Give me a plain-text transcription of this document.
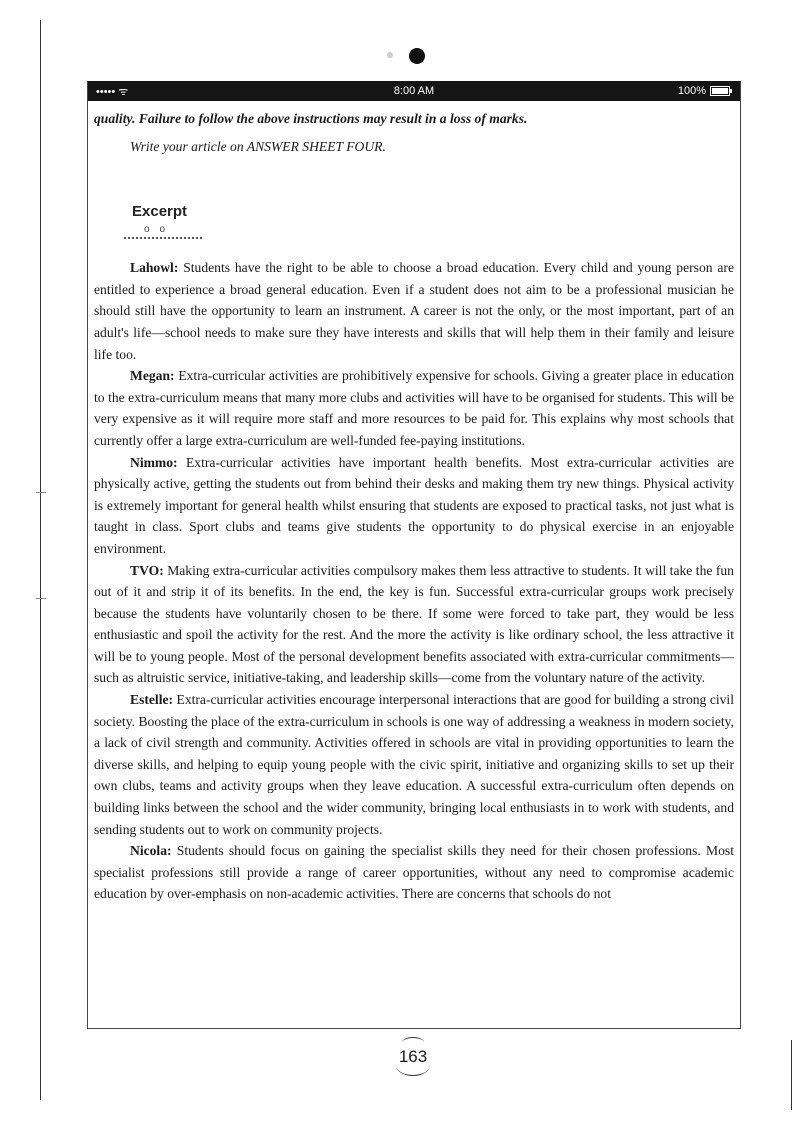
••••• ᯤ	8:00 AM	100%

quality. Failure to follow the above instructions may result in a loss of marks.

Write your article on ANSWER SHEET FOUR.

Excerpt
oo

Lahowl: Students have the right to be able to choose a broad education. Every child and young person are entitled to experience a broad general education. Even if a student does not aim to be a professional musician he should still have the opportunity to learn an instrument. A career is not the only, or the most important, part of an adult's life—school needs to make sure they have interests and skills that will help them in their family and leisure life too.

Megan: Extra-curricular activities are prohibitively expensive for schools. Giving a greater place in education to the extra-curriculum means that many more clubs and activities will have to be organised for students. This will be very expensive as it will require more staff and more resources to be paid for. This explains why most schools that currently offer a large extra-curriculum are well-funded fee-paying institutions.

Nimmo: Extra-curricular activities have important health benefits. Most extra-curricular activities are physically active, getting the students out from behind their desks and making them try new things. Physical activity is extremely important for general health whilst ensuring that students are exposed to practical tasks, not just what is taught in class. Sport clubs and teams give students the opportunity to do physical exercise in an enjoyable environment.

TVO: Making extra-curricular activities compulsory makes them less attractive to students. It will take the fun out of it and strip it of its benefits. In the end, the key is fun. Successful extra-curricular groups work precisely because the students have voluntarily chosen to be there. If some were forced to take part, they would be less enthusiastic and spoil the activity for the rest. And the more the activity is like ordinary school, the less attractive it will be to young people. Most of the personal development benefits associated with extra-curricular commitments—such as altruistic service, initiative-taking, and leadership skills—come from the voluntary nature of the activity.

Estelle: Extra-curricular activities encourage interpersonal interactions that are good for building a strong civil society. Boosting the place of the extra-curriculum in schools is one way of addressing a weakness in modern society, a lack of civil strength and community. Activities offered in schools are vital in providing opportunities to learn the diverse skills, and helping to equip young people with the civic spirit, initiative and organizing skills to set up their own clubs, teams and activity groups when they leave education. A successful extra-curriculum often depends on building links between the school and the wider community, bringing local enthusiasts in to work with students, and sending students out to work on community projects.

Nicola: Students should focus on gaining the specialist skills they need for their chosen professions. Most specialist professions still provide a range of career opportunities, without any need to compromise academic education by over-emphasis on non-academic activities. There are concerns that schools do not

163
